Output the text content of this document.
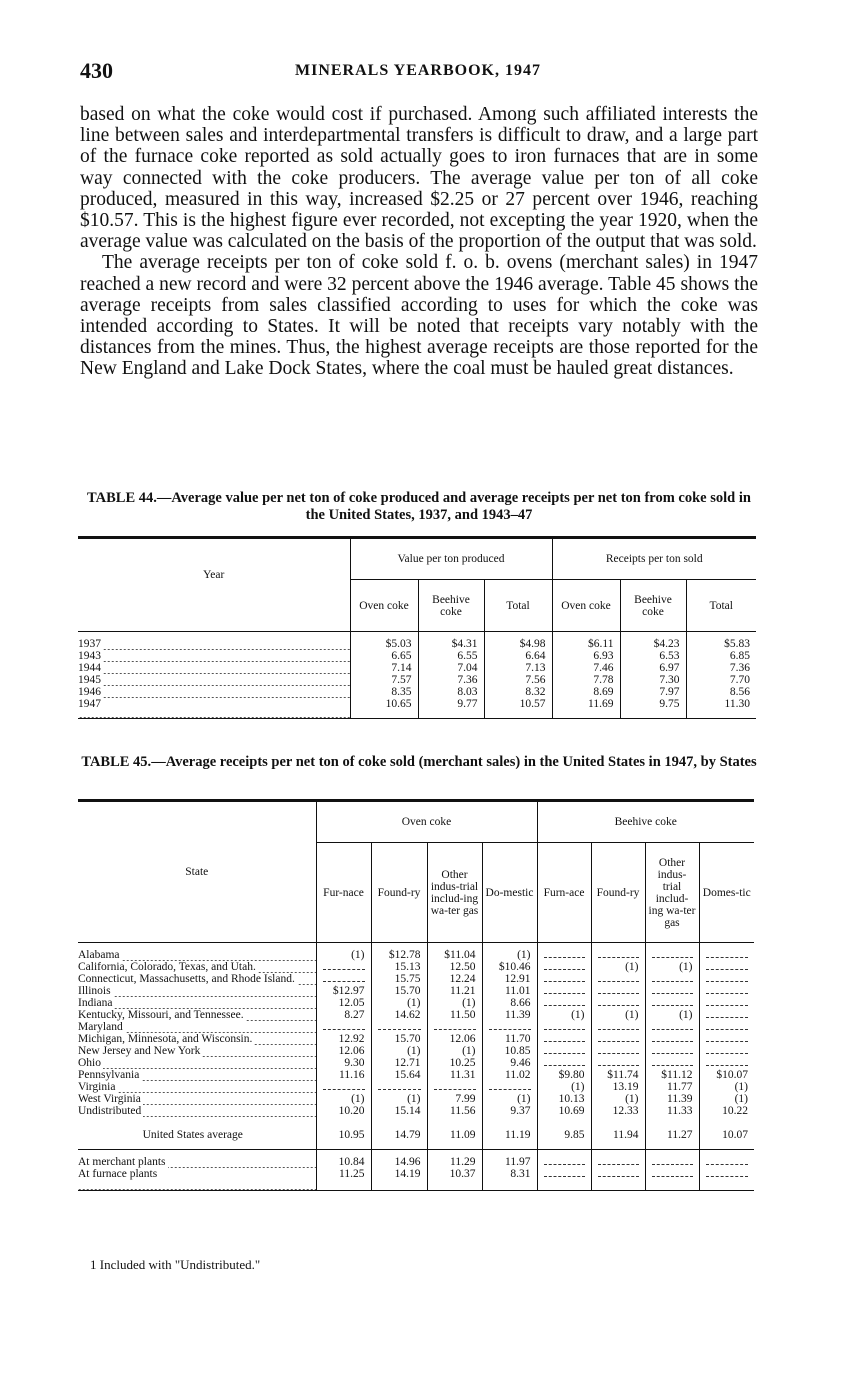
430	MINERALS YEARBOOK, 1947

based on what the coke would cost if purchased. Among such affiliated interests the line between sales and interdepartmental transfers is difficult to draw, and a large part of the furnace coke reported as sold actually goes to iron furnaces that are in some way connected with the coke producers. The average value per ton of all coke produced, measured in this way, increased $2.25 or 27 percent over 1946, reaching $10.57. This is the highest figure ever recorded, not excepting the year 1920, when the average value was calculated on the basis of the proportion of the output that was sold.

The average receipts per ton of coke sold f. o. b. ovens (merchant sales) in 1947 reached a new record and were 32 percent above the 1946 average. Table 45 shows the average receipts from sales classified according to uses for which the coke was intended according to States. It will be noted that receipts vary notably with the distances from the mines. Thus, the highest average receipts are those reported for the New England and Lake Dock States, where the coal must be hauled great distances.

TABLE 44.—Average value per net ton of coke produced and average receipts per net ton from coke sold in the United States, 1937, and 1943–47
Year	Value per ton produced			Receipts per ton sold		
	Oven coke	Beehive coke	Total	Oven coke	Beehive coke	Total
1937	$5.03	$4.31	$4.98	$6.11	$4.23	$5.83
1943	6.65	6.55	6.64	6.93	6.53	6.85
1944	7.14	7.04	7.13	7.46	6.97	7.36
1945	7.57	7.36	7.56	7.78	7.30	7.70
1946	8.35	8.03	8.32	8.69	7.97	8.56
1947	10.65	9.77	10.57	11.69	9.75	11.30
TABLE 45.—Average receipts per net ton of coke sold (merchant sales) in the United States in 1947, by States
State	Oven coke				Beehive coke			
	Fur-nace	Found-ry	Other indus-trial includ-ing wa-ter gas	Do-mestic	Furn-ace	Found-ry	Other indus-trial includ-ing wa-ter gas	Domes-tic
Alabama	(1)	$12.78	$11.04	(1)				
California, Colorado, Texas, and Utah.		15.13	12.50	$10.46		(1)	(1)	
Connecticut, Massachusetts, and Rhode Island.		15.75	12.24	12.91				
Illinois	$12.97	15.70	11.21	11.01				
Indiana	12.05	(1)	(1)	8.66				
Kentucky, Missouri, and Tennessee.	8.27	14.62	11.50	11.39	(1)	(1)	(1)	
Maryland								
Michigan, Minnesota, and Wisconsin.	12.92	15.70	12.06	11.70				
New Jersey and New York	12.06	(1)	(1)	10.85				
Ohio	9.30	12.71	10.25	9.46				
Pennsylvania	11.16	15.64	11.31	11.02	$9.80	$11.74	$11.12	$10.07
Virginia					(1)	13.19	11.77	(1)
West Virginia	(1)	(1)	7.99	(1)	10.13	(1)	11.39	(1)
Undistributed	10.20	15.14	11.56	9.37	10.69	12.33	11.33	10.22
United States average	10.95	14.79	11.09	11.19	9.85	11.94	11.27	10.07
At merchant plants	10.84	14.96	11.29	11.97				
At furnace plants	11.25	14.19	10.37	8.31				
1 Included with "Undistributed."
